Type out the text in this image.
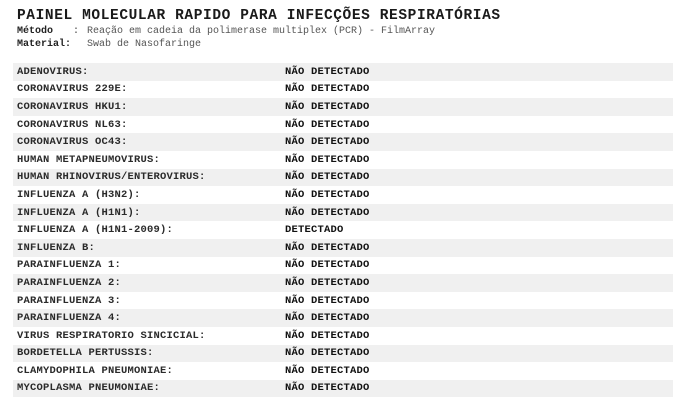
PAINEL MOLECULAR RAPIDO PARA INFECÇÕES RESPIRATÓRIAS
Método : Reação em cadeia da polimerase multiplex (PCR) - FilmArray
Material: Swab de Nasofaringe
ADENOVIRUS:	NÃO DETECTADO
CORONAVIRUS 229E:	NÃO DETECTADO
CORONAVIRUS HKU1:	NÃO DETECTADO
CORONAVIRUS NL63:	NÃO DETECTADO
CORONAVIRUS OC43:	NÃO DETECTADO
HUMAN METAPNEUMOVIRUS:	NÃO DETECTADO
HUMAN RHINOVIRUS/ENTEROVIRUS:	NÃO DETECTADO
INFLUENZA A (H3N2):	NÃO DETECTADO
INFLUENZA A (H1N1):	NÃO DETECTADO
INFLUENZA A (H1N1-2009):	DETECTADO
INFLUENZA B:	NÃO DETECTADO
PARAINFLUENZA 1:	NÃO DETECTADO
PARAINFLUENZA 2:	NÃO DETECTADO
PARAINFLUENZA 3:	NÃO DETECTADO
PARAINFLUENZA 4:	NÃO DETECTADO
VIRUS RESPIRATORIO SINCICIAL:	NÃO DETECTADO
BORDETELLA PERTUSSIS:	NÃO DETECTADO
CLAMYDOPHILA PNEUMONIAE:	NÃO DETECTADO
MYCOPLASMA PNEUMONIAE:	NÃO DETECTADO
